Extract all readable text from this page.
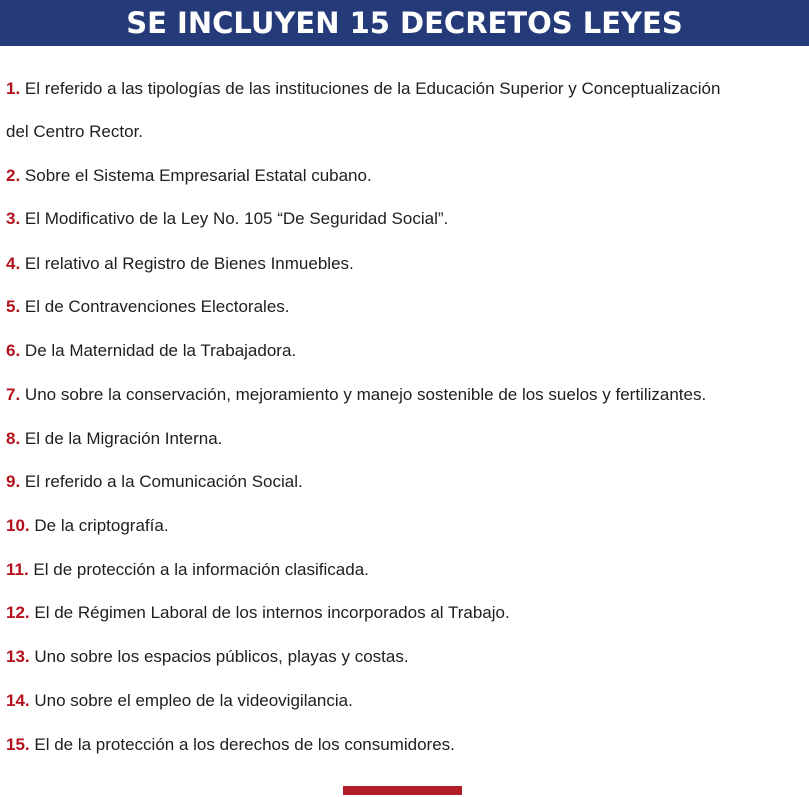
SE INCLUYEN 15 DECRETOS LEYES
1. El referido a las tipologías de las instituciones de la Educación Superior y Conceptualización
del Centro Rector.
2. Sobre el Sistema Empresarial Estatal cubano.
3. El Modificativo de la Ley No. 105 “De Seguridad Social”.
4. El relativo al Registro de Bienes Inmuebles.
5. El de Contravenciones Electorales.
6. De la Maternidad de la Trabajadora.
7. Uno sobre la conservación, mejoramiento y manejo sostenible de los suelos y fertilizantes.
8. El de la Migración Interna.
9. El referido a la Comunicación Social.
10. De la criptografía.
11. El de protección a la información clasificada.
12. El de Régimen Laboral de los internos incorporados al Trabajo.
13. Uno sobre los espacios públicos, playas y costas.
14. Uno sobre el empleo de la videovigilancia.
15. El de la protección a los derechos de los consumidores.
